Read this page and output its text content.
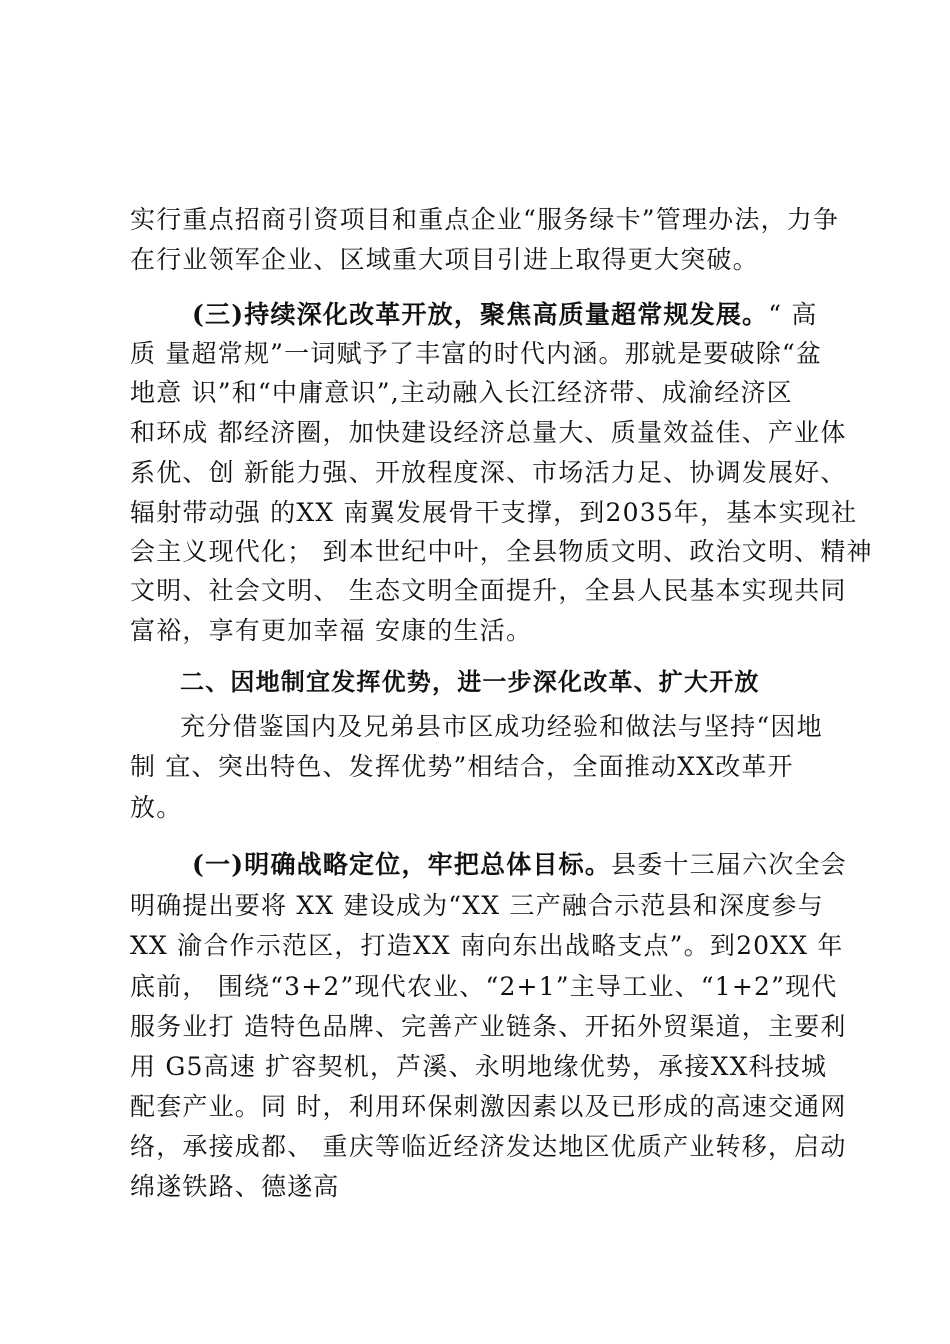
实行重点招商引资项目和重点企业“服务绿卡”管理办法，力争
在行业领军企业、区域重大项目引进上取得更大突破。
(三)持续深化改革开放，聚焦高质量超常规发展。“ 高
质 量超常规”一词赋予了丰富的时代内涵。那就是要破除“盆
地意 识”和“中庸意识”,主动融入长江经济带、成渝经济区
和环成 都经济圈，加快建设经济总量大、质量效益佳、产业体
系优、创 新能力强、开放程度深、市场活力足、协调发展好、
辐射带动强 的XX 南翼发展骨干支撑，到2035年，基本实现社
会主义现代化； 到本世纪中叶，全县物质文明、政治文明、精神
文明、社会文明、 生态文明全面提升，全县人民基本实现共同
富裕，享有更加幸福 安康的生活。
二、因地制宜发挥优势，进一步深化改革、扩大开放
充分借鉴国内及兄弟县市区成功经验和做法与坚持“因地
制 宜、突出特色、发挥优势”相结合，全面推动XX改革开
放。
(一)明确战略定位，牢把总体目标。县委十三届六次全会
明确提出要将 XX 建设成为“XX 三产融合示范县和深度参与
XX 渝合作示范区，打造XX 南向东出战略支点”。到20XX 年
底前， 围绕“3+2”现代农业、“2+1”主导工业、“1+2”现代
服务业打 造特色品牌、完善产业链条、开拓外贸渠道，主要利
用 G5高速 扩容契机，芦溪、永明地缘优势，承接XX科技城
配套产业。同 时，利用环保刺激因素以及已形成的高速交通网
络，承接成都、 重庆等临近经济发达地区优质产业转移，启动
绵遂铁路、德遂高
